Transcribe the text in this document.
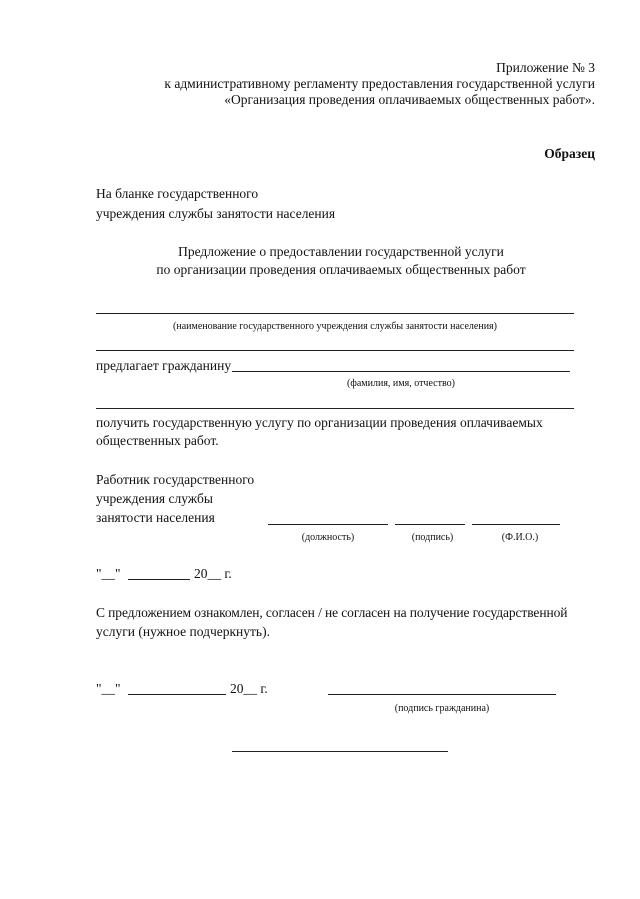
Приложение № 3
к административному регламенту предоставления государственной услуги
«Организация проведения оплачиваемых общественных работ».
Образец
На бланке государственного
учреждения службы занятости населения
Предложение о предоставлении государственной услуги
по организации проведения оплачиваемых общественных работ
(наименование государственного учреждения службы занятости населения)
предлагает гражданину
(фамилия, имя, отчество)
получить государственную услугу по организации проведения оплачиваемых
общественных работ.
Работник государственного
учреждения службы
занятости населения
(должность)	(подпись)	(Ф.И.О.)
"__"	20__ г.
С предложением ознакомлен, согласен / не согласен на получение государственной
услуги (нужное подчеркнуть).
"__"	20__ г.
(подпись гражданина)
